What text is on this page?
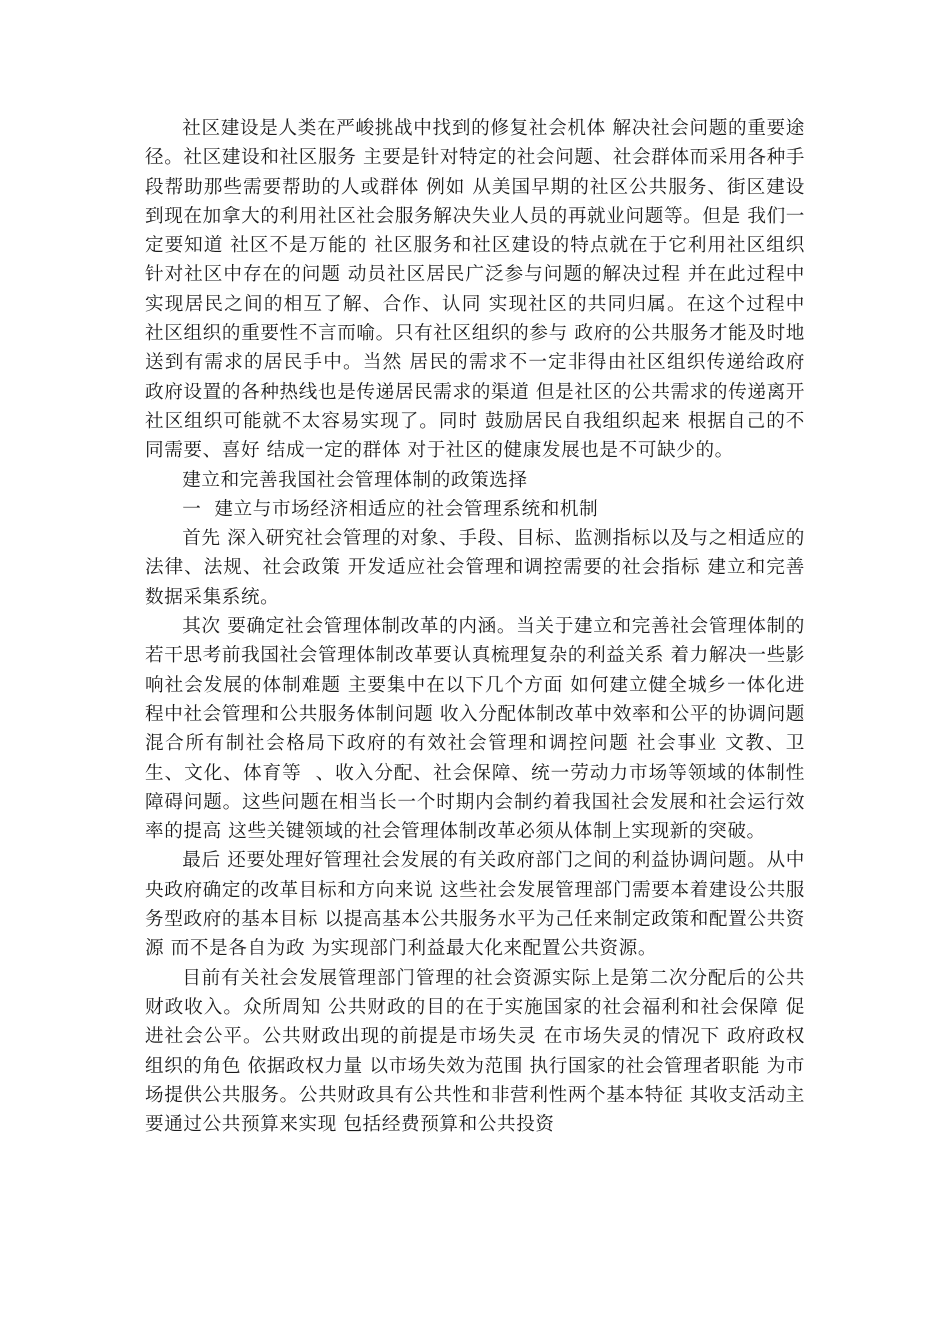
社区建设是人类在严峻挑战中找到的修复社会机体 解决社会问题的重要途径。社区建设和社区服务 主要是针对特定的社会问题、社会群体而采用各种手段帮助那些需要帮助的人或群体 例如 从美国早期的社区公共服务、街区建设 到现在加拿大的利用社区社会服务解决失业人员的再就业问题等。但是 我们一定要知道 社区不是万能的 社区服务和社区建设的特点就在于它利用社区组织 针对社区中存在的问题 动员社区居民广泛参与问题的解决过程 并在此过程中 实现居民之间的相互了解、合作、认同 实现社区的共同归属。在这个过程中 社区组织的重要性不言而喻。只有社区组织的参与 政府的公共服务才能及时地送到有需求的居民手中。当然 居民的需求不一定非得由社区组织传递给政府 政府设置的各种热线也是传递居民需求的渠道 但是社区的公共需求的传递离开社区组织可能就不太容易实现了。同时 鼓励居民自我组织起来 根据自己的不同需要、喜好 结成一定的群体 对于社区的健康发展也是不可缺少的。

建立和完善我国社会管理体制的政策选择

一  建立与市场经济相适应的社会管理系统和机制

首先 深入研究社会管理的对象、手段、目标、监测指标以及与之相适应的法律、法规、社会政策 开发适应社会管理和调控需要的社会指标 建立和完善数据采集系统。

其次 要确定社会管理体制改革的内涵。当关于建立和完善社会管理体制的若干思考前我国社会管理体制改革要认真梳理复杂的利益关系 着力解决一些影响社会发展的体制难题 主要集中在以下几个方面 如何建立健全城乡一体化进程中社会管理和公共服务体制问题 收入分配体制改革中效率和公平的协调问题 混合所有制社会格局下政府的有效社会管理和调控问题 社会事业 文教、卫生、文化、体育等  、收入分配、社会保障、统一劳动力市场等领域的体制性障碍问题。这些问题在相当长一个时期内会制约着我国社会发展和社会运行效率的提高 这些关键领域的社会管理体制改革必须从体制上实现新的突破。

最后 还要处理好管理社会发展的有关政府部门之间的利益协调问题。从中央政府确定的改革目标和方向来说 这些社会发展管理部门需要本着建设公共服务型政府的基本目标 以提高基本公共服务水平为己任来制定政策和配置公共资源 而不是各自为政 为实现部门利益最大化来配置公共资源。

目前有关社会发展管理部门管理的社会资源实际上是第二次分配后的公共财政收入。众所周知 公共财政的目的在于实施国家的社会福利和社会保障 促进社会公平。公共财政出现的前提是市场失灵 在市场失灵的情况下 政府政权组织的角色 依据政权力量 以市场失效为范围 执行国家的社会管理者职能 为市场提供公共服务。公共财政具有公共性和非营利性两个基本特征 其收支活动主要通过公共预算来实现 包括经费预算和公共投资
